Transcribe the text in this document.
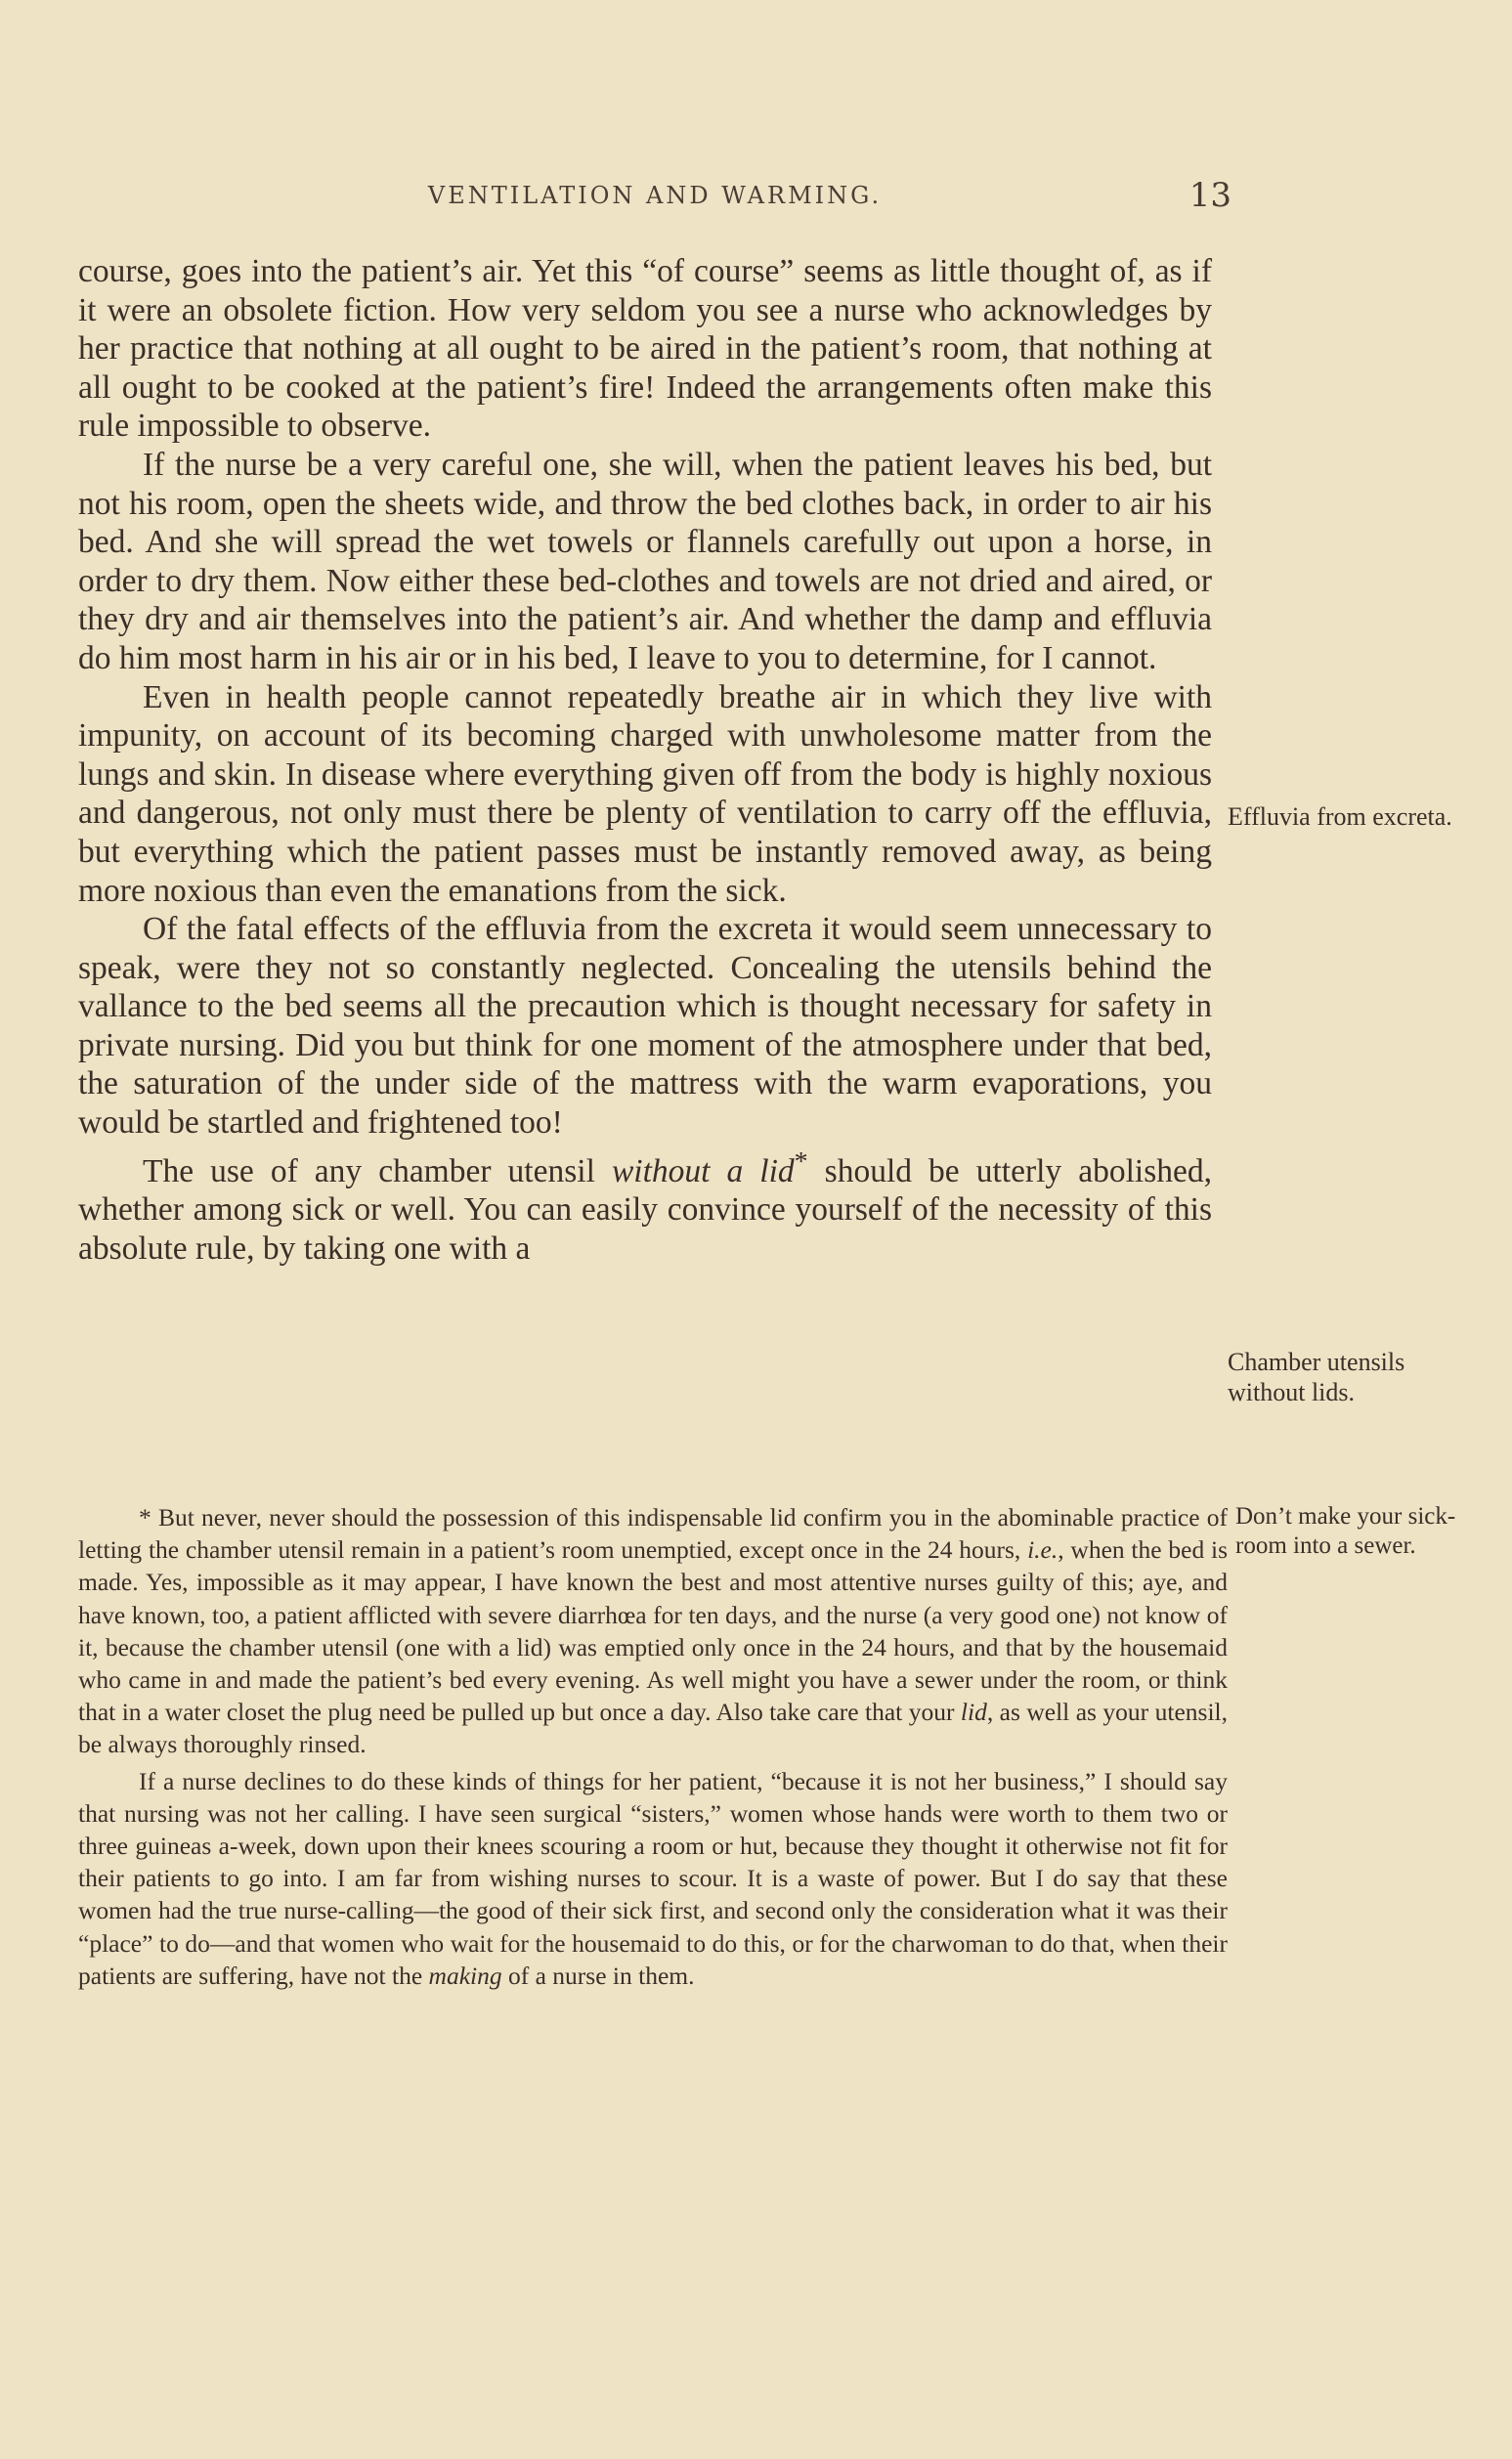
VENTILATION AND WARMING.	13

course, goes into the patient’s air. Yet this “of course” seems as little thought of, as if it were an obsolete fiction. How very seldom you see a nurse who acknowledges by her practice that nothing at all ought to be aired in the patient’s room, that nothing at all ought to be cooked at the patient’s fire! Indeed the arrangements often make this rule impossible to observe.

If the nurse be a very careful one, she will, when the patient leaves his bed, but not his room, open the sheets wide, and throw the bed clothes back, in order to air his bed. And she will spread the wet towels or flannels carefully out upon a horse, in order to dry them. Now either these bed-clothes and towels are not dried and aired, or they dry and air themselves into the patient’s air. And whether the damp and effluvia do him most harm in his air or in his bed, I leave to you to determine, for I cannot.

Even in health people cannot repeatedly breathe air in which they live with impunity, on account of its becoming charged with unwholesome matter from the lungs and skin. In disease where everything given off from the body is highly noxious and dangerous, not only must there be plenty of ventilation to carry off the effluvia, but everything which the patient passes must be instantly removed away, as being more noxious than even the emanations from the sick.

Of the fatal effects of the effluvia from the excreta it would seem unnecessary to speak, were they not so constantly neglected. Concealing the utensils behind the vallance to the bed seems all the precaution which is thought necessary for safety in private nursing. Did you but think for one moment of the atmosphere under that bed, the saturation of the under side of the mattress with the warm evaporations, you would be startled and frightened too!

The use of any chamber utensil without a lid* should be utterly abolished, whether among sick or well. You can easily convince yourself of the necessity of this absolute rule, by taking one with a

Effluvia from excreta.
Chamber utensils without lids.

* But never, never should the possession of this indispensable lid confirm you in the abominable practice of letting the chamber utensil remain in a patient’s room unemptied, except once in the 24 hours, i.e., when the bed is made. Yes, impossible as it may appear, I have known the best and most attentive nurses guilty of this; aye, and have known, too, a patient afflicted with severe diarrhœa for ten days, and the nurse (a very good one) not know of it, because the chamber utensil (one with a lid) was emptied only once in the 24 hours, and that by the housemaid who came in and made the patient’s bed every evening. As well might you have a sewer under the room, or think that in a water closet the plug need be pulled up but once a day. Also take care that your lid, as well as your utensil, be always thoroughly rinsed.

If a nurse declines to do these kinds of things for her patient, “because it is not her business,” I should say that nursing was not her calling. I have seen surgical “sisters,” women whose hands were worth to them two or three guineas a-week, down upon their knees scouring a room or hut, because they thought it otherwise not fit for their patients to go into. I am far from wishing nurses to scour. It is a waste of power. But I do say that these women had the true nurse-calling—the good of their sick first, and second only the consideration what it was their “place” to do—and that women who wait for the housemaid to do this, or for the charwoman to do that, when their patients are suffering, have not the making of a nurse in them.

Don’t make your sick-room into a sewer.
